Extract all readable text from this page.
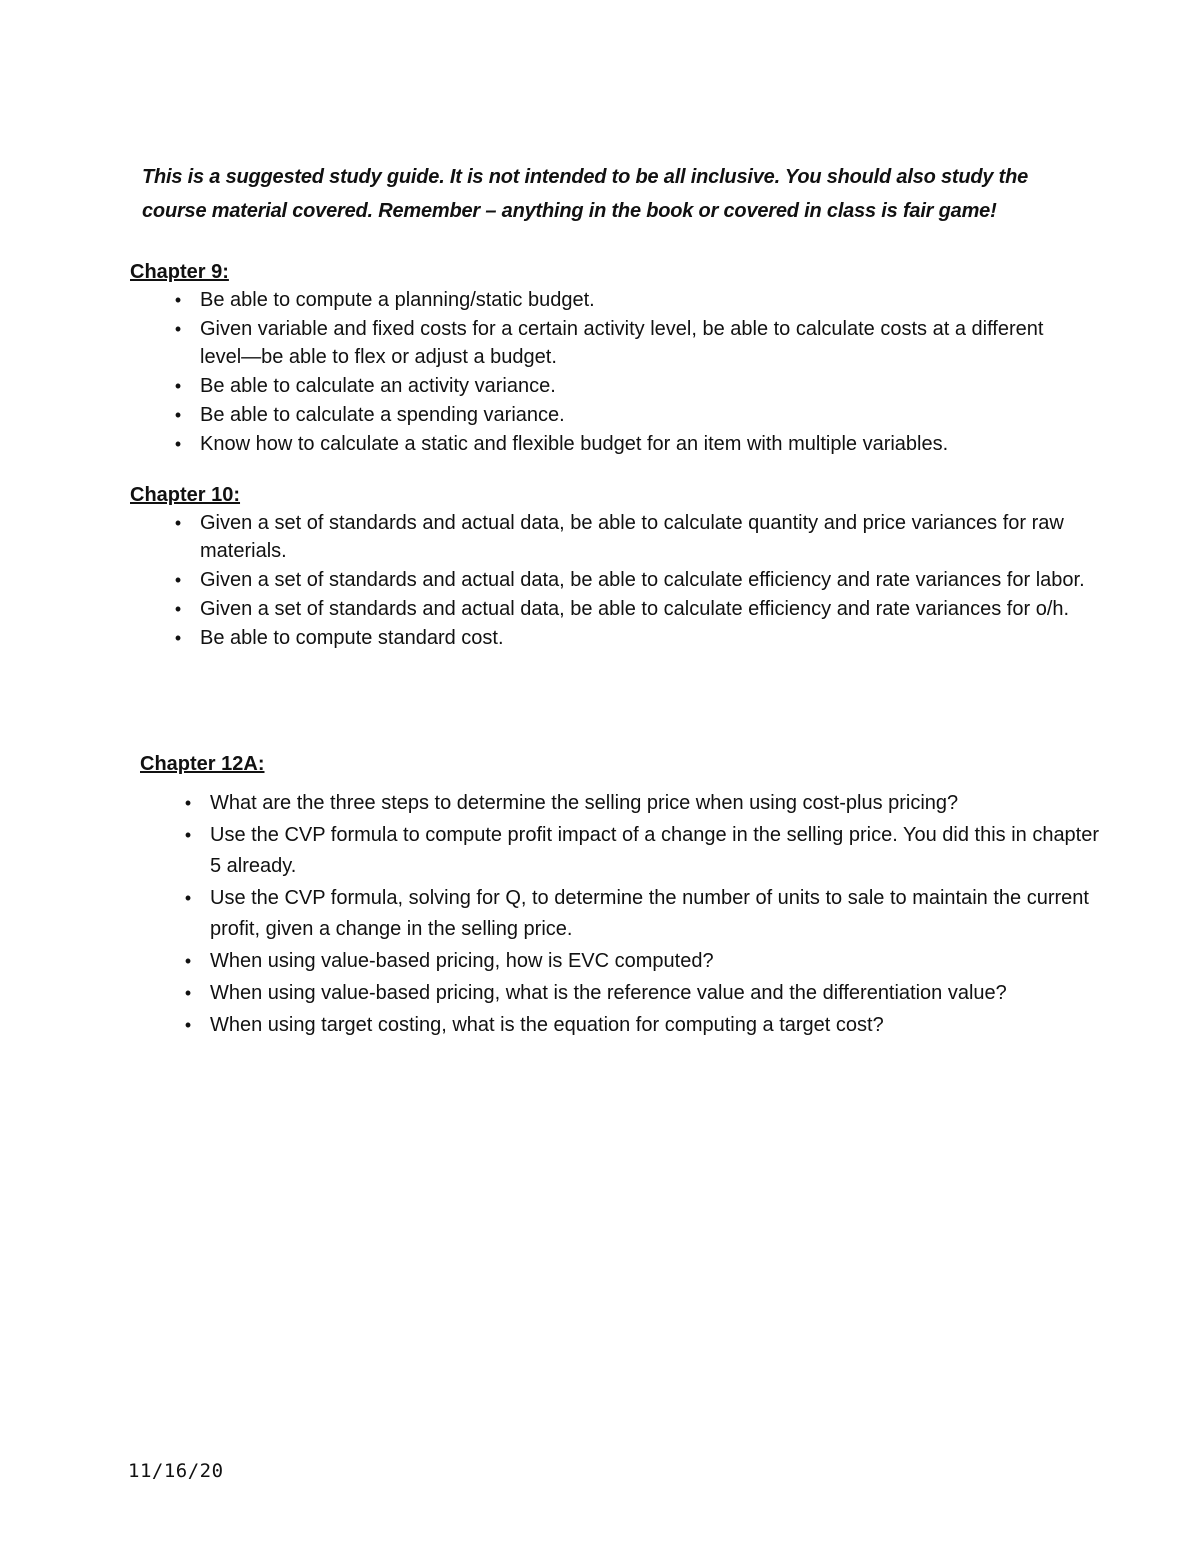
This is a suggested study guide. It is not intended to be all inclusive. You should also study the course material covered. Remember – anything in the book or covered in class is fair game!

Chapter 9:
• Be able to compute a planning/static budget.
• Given variable and fixed costs for a certain activity level, be able to calculate costs at a different level—be able to flex or adjust a budget.
• Be able to calculate an activity variance.
• Be able to calculate a spending variance.
• Know how to calculate a static and flexible budget for an item with multiple variables.
Chapter 10:
• Given a set of standards and actual data, be able to calculate quantity and price variances for raw materials.
• Given a set of standards and actual data, be able to calculate efficiency and rate variances for labor.
• Given a set of standards and actual data, be able to calculate efficiency and rate variances for o/h.
• Be able to compute standard cost.
Chapter 12A:
• What are the three steps to determine the selling price when using cost-plus pricing?
• Use the CVP formula to compute profit impact of a change in the selling price. You did this in chapter 5 already.
• Use the CVP formula, solving for Q, to determine the number of units to sale to maintain the current profit, given a change in the selling price.
• When using value-based pricing, how is EVC computed?
• When using value-based pricing, what is the reference value and the differentiation value?
• When using target costing, what is the equation for computing a target cost?
11/16/20
